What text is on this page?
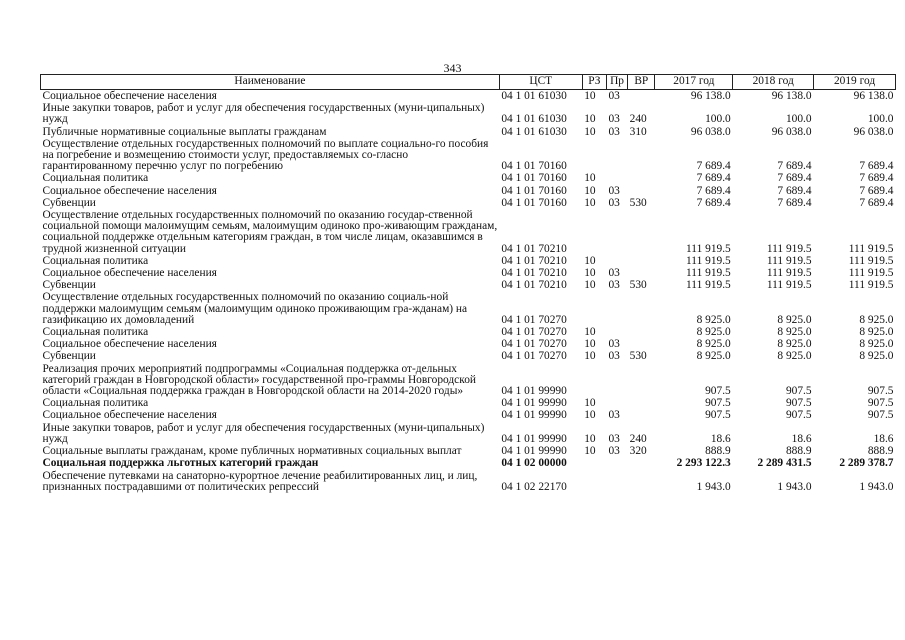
343
Наименование	ЦСТ	РЗ	Пр	ВР	2017 год	2018 год	2019 год
Социальное обеспечение населения	04 1 01 61030	10	03		96 138.0	96 138.0	96 138.0
Иные закупки товаров, работ и услуг для обеспечения государственных (муни-ципальных) нужд	04 1 01 61030	10	03	240	100.0	100.0	100.0
Публичные нормативные социальные выплаты гражданам	04 1 01 61030	10	03	310	96 038.0	96 038.0	96 038.0
Осуществление отдельных государственных полномочий по выплате социально-го пособия на погребение и возмещению стоимости услуг, предоставляемых со-гласно гарантированному перечню услуг по погребению	04 1 01 70160				7 689.4	7 689.4	7 689.4
Социальная политика	04 1 01 70160	10			7 689.4	7 689.4	7 689.4
Социальное обеспечение населения	04 1 01 70160	10	03		7 689.4	7 689.4	7 689.4
Субвенции	04 1 01 70160	10	03	530	7 689.4	7 689.4	7 689.4
Осуществление отдельных государственных полномочий по оказанию государ-ственной социальной помощи малоимущим семьям, малоимущим одиноко про-живающим гражданам, социальной поддержке отдельным категориям граждан, в том числе лицам, оказавшимся в трудной жизненной ситуации	04 1 01 70210				111 919.5	111 919.5	111 919.5
Социальная политика	04 1 01 70210	10			111 919.5	111 919.5	111 919.5
Социальное обеспечение населения	04 1 01 70210	10	03		111 919.5	111 919.5	111 919.5
Субвенции	04 1 01 70210	10	03	530	111 919.5	111 919.5	111 919.5
Осуществление отдельных государственных полномочий по оказанию социаль-ной поддержки малоимущим семьям (малоимущим одиноко проживающим гра-жданам) на газификацию их домовладений	04 1 01 70270				8 925.0	8 925.0	8 925.0
Социальная политика	04 1 01 70270	10			8 925.0	8 925.0	8 925.0
Социальное обеспечение населения	04 1 01 70270	10	03		8 925.0	8 925.0	8 925.0
Субвенции	04 1 01 70270	10	03	530	8 925.0	8 925.0	8 925.0
Реализация прочих мероприятий подпрограммы «Социальная поддержка от-дельных категорий граждан в Новгородской области» государственной про-граммы Новгородской области «Социальная поддержка граждан в Новгородской области на 2014-2020 годы»	04 1 01 99990				907.5	907.5	907.5
Социальная политика	04 1 01 99990	10			907.5	907.5	907.5
Социальное обеспечение населения	04 1 01 99990	10	03		907.5	907.5	907.5
Иные закупки товаров, работ и услуг для обеспечения государственных (муни-ципальных) нужд	04 1 01 99990	10	03	240	18.6	18.6	18.6
Социальные выплаты гражданам, кроме публичных нормативных социальных выплат	04 1 01 99990	10	03	320	888.9	888.9	888.9
Социальная поддержка льготных категорий граждан	04 1 02 00000				2 293 122.3	2 289 431.5	2 289 378.7
Обеспечение путевками на санаторно-курортное лечение реабилитированных лиц, и лиц, признанных пострадавшими от политических репрессий	04 1 02 22170				1 943.0	1 943.0	1 943.0
